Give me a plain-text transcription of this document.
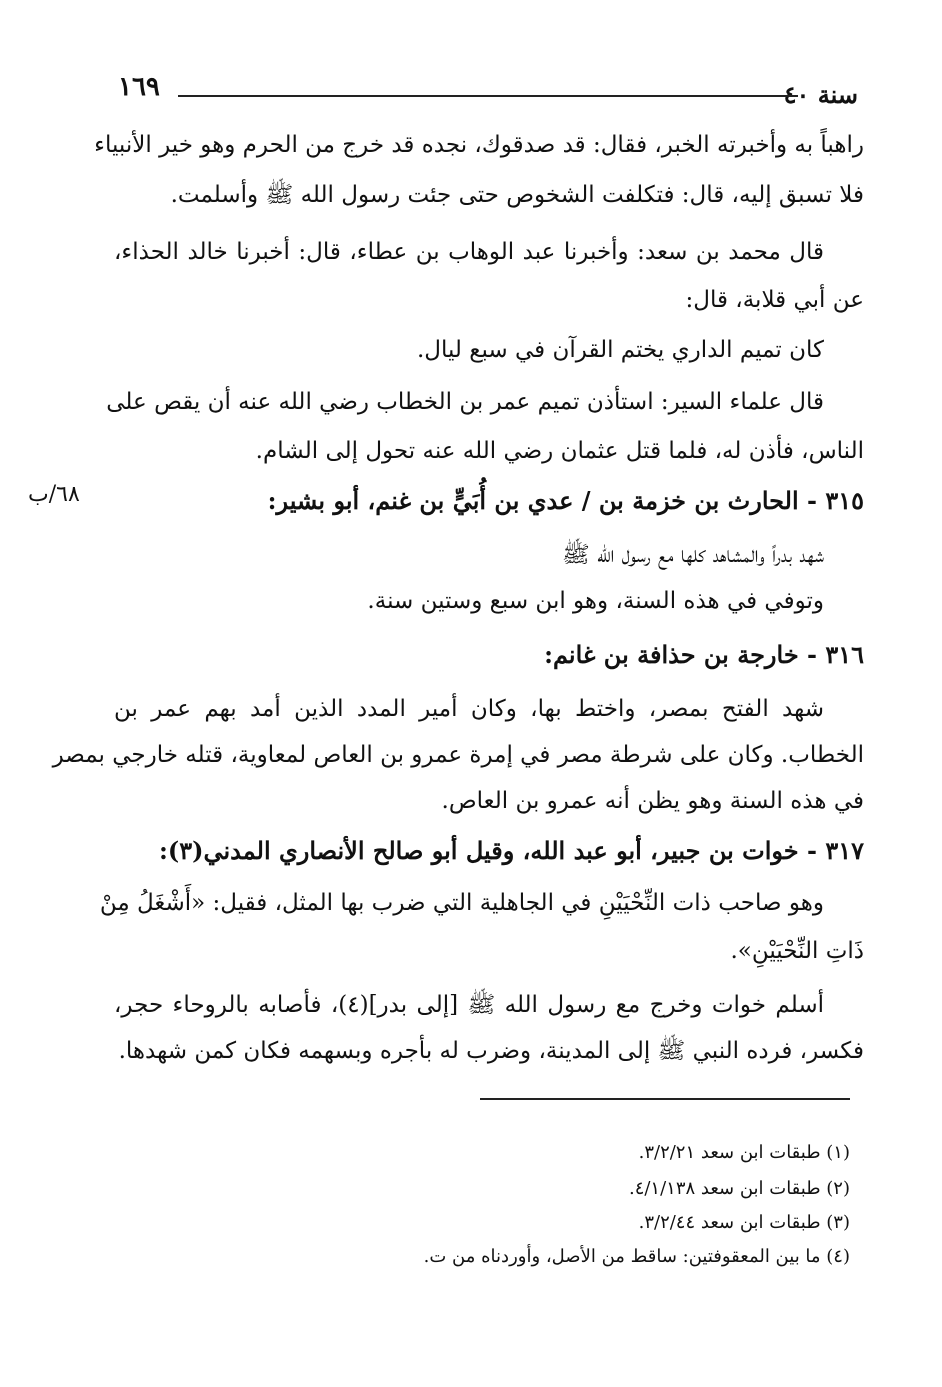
سنة ٤٠
١٦٩
راهباً به وأخبرته الخبر، فقال: قد صدقوك، نجده قد خرج من الحرم وهو خير الأنبياء
فلا تسبق إليه، قال: فتكلفت الشخوص حتى جئت رسول الله ﷺ وأسلمت.
قال محمد بن سعد: وأخبرنا عبد الوهاب بن عطاء، قال: أخبرنا خالد الحذاء،
عن أبي قلابة، قال:
كان تميم الداري يختم القرآن في سبع ليال.
قال علماء السير: استأذن تميم عمر بن الخطاب رضي الله عنه أن يقص على
الناس، فأذن له، فلما قتل عثمان رضي الله عنه تحول إلى الشام.
٦٨/ب	٣١٥ - الحارث بن خزمة بن / عدي بن أُبَيٍّ بن غنم، أبو بشير:
شهد بدراً والمشاهد كلها مع رسول الله ﷺ
وتوفي في هذه السنة، وهو ابن سبع وستين سنة.
٣١٦ - خارجة بن حذافة بن غانم:
شهد الفتح بمصر، واختط بها، وكان أمير المدد الذين أمد بهم عمر بن
الخطاب. وكان على شرطة مصر في إمرة عمرو بن العاص لمعاوية، قتله خارجي بمصر
في هذه السنة وهو يظن أنه عمرو بن العاص.
٣١٧ - خوات بن جبير، أبو عبد الله، وقيل أبو صالح الأنصاري المدني(٣):
وهو صاحب ذات النِّحْيَيْنِ في الجاهلية التي ضرب بها المثل، فقيل: «أَشْغَلُ مِنْ
ذَاتِ النِّحْيَيْنِ».
أسلم خوات وخرج مع رسول الله ﷺ [إلى بدر](٤)، فأصابه بالروحاء حجر،
فكسر، فرده النبي ﷺ إلى المدينة، وضرب له بأجره وبسهمه فكان كمن شهدها.
(١) طبقات ابن سعد ٣/٢/٢١.
(٢) طبقات ابن سعد ٤/١/١٣٨.
(٣) طبقات ابن سعد ٣/٢/٤٤.
(٤) ما بين المعقوفتين: ساقط من الأصل، وأوردناه من ت.
